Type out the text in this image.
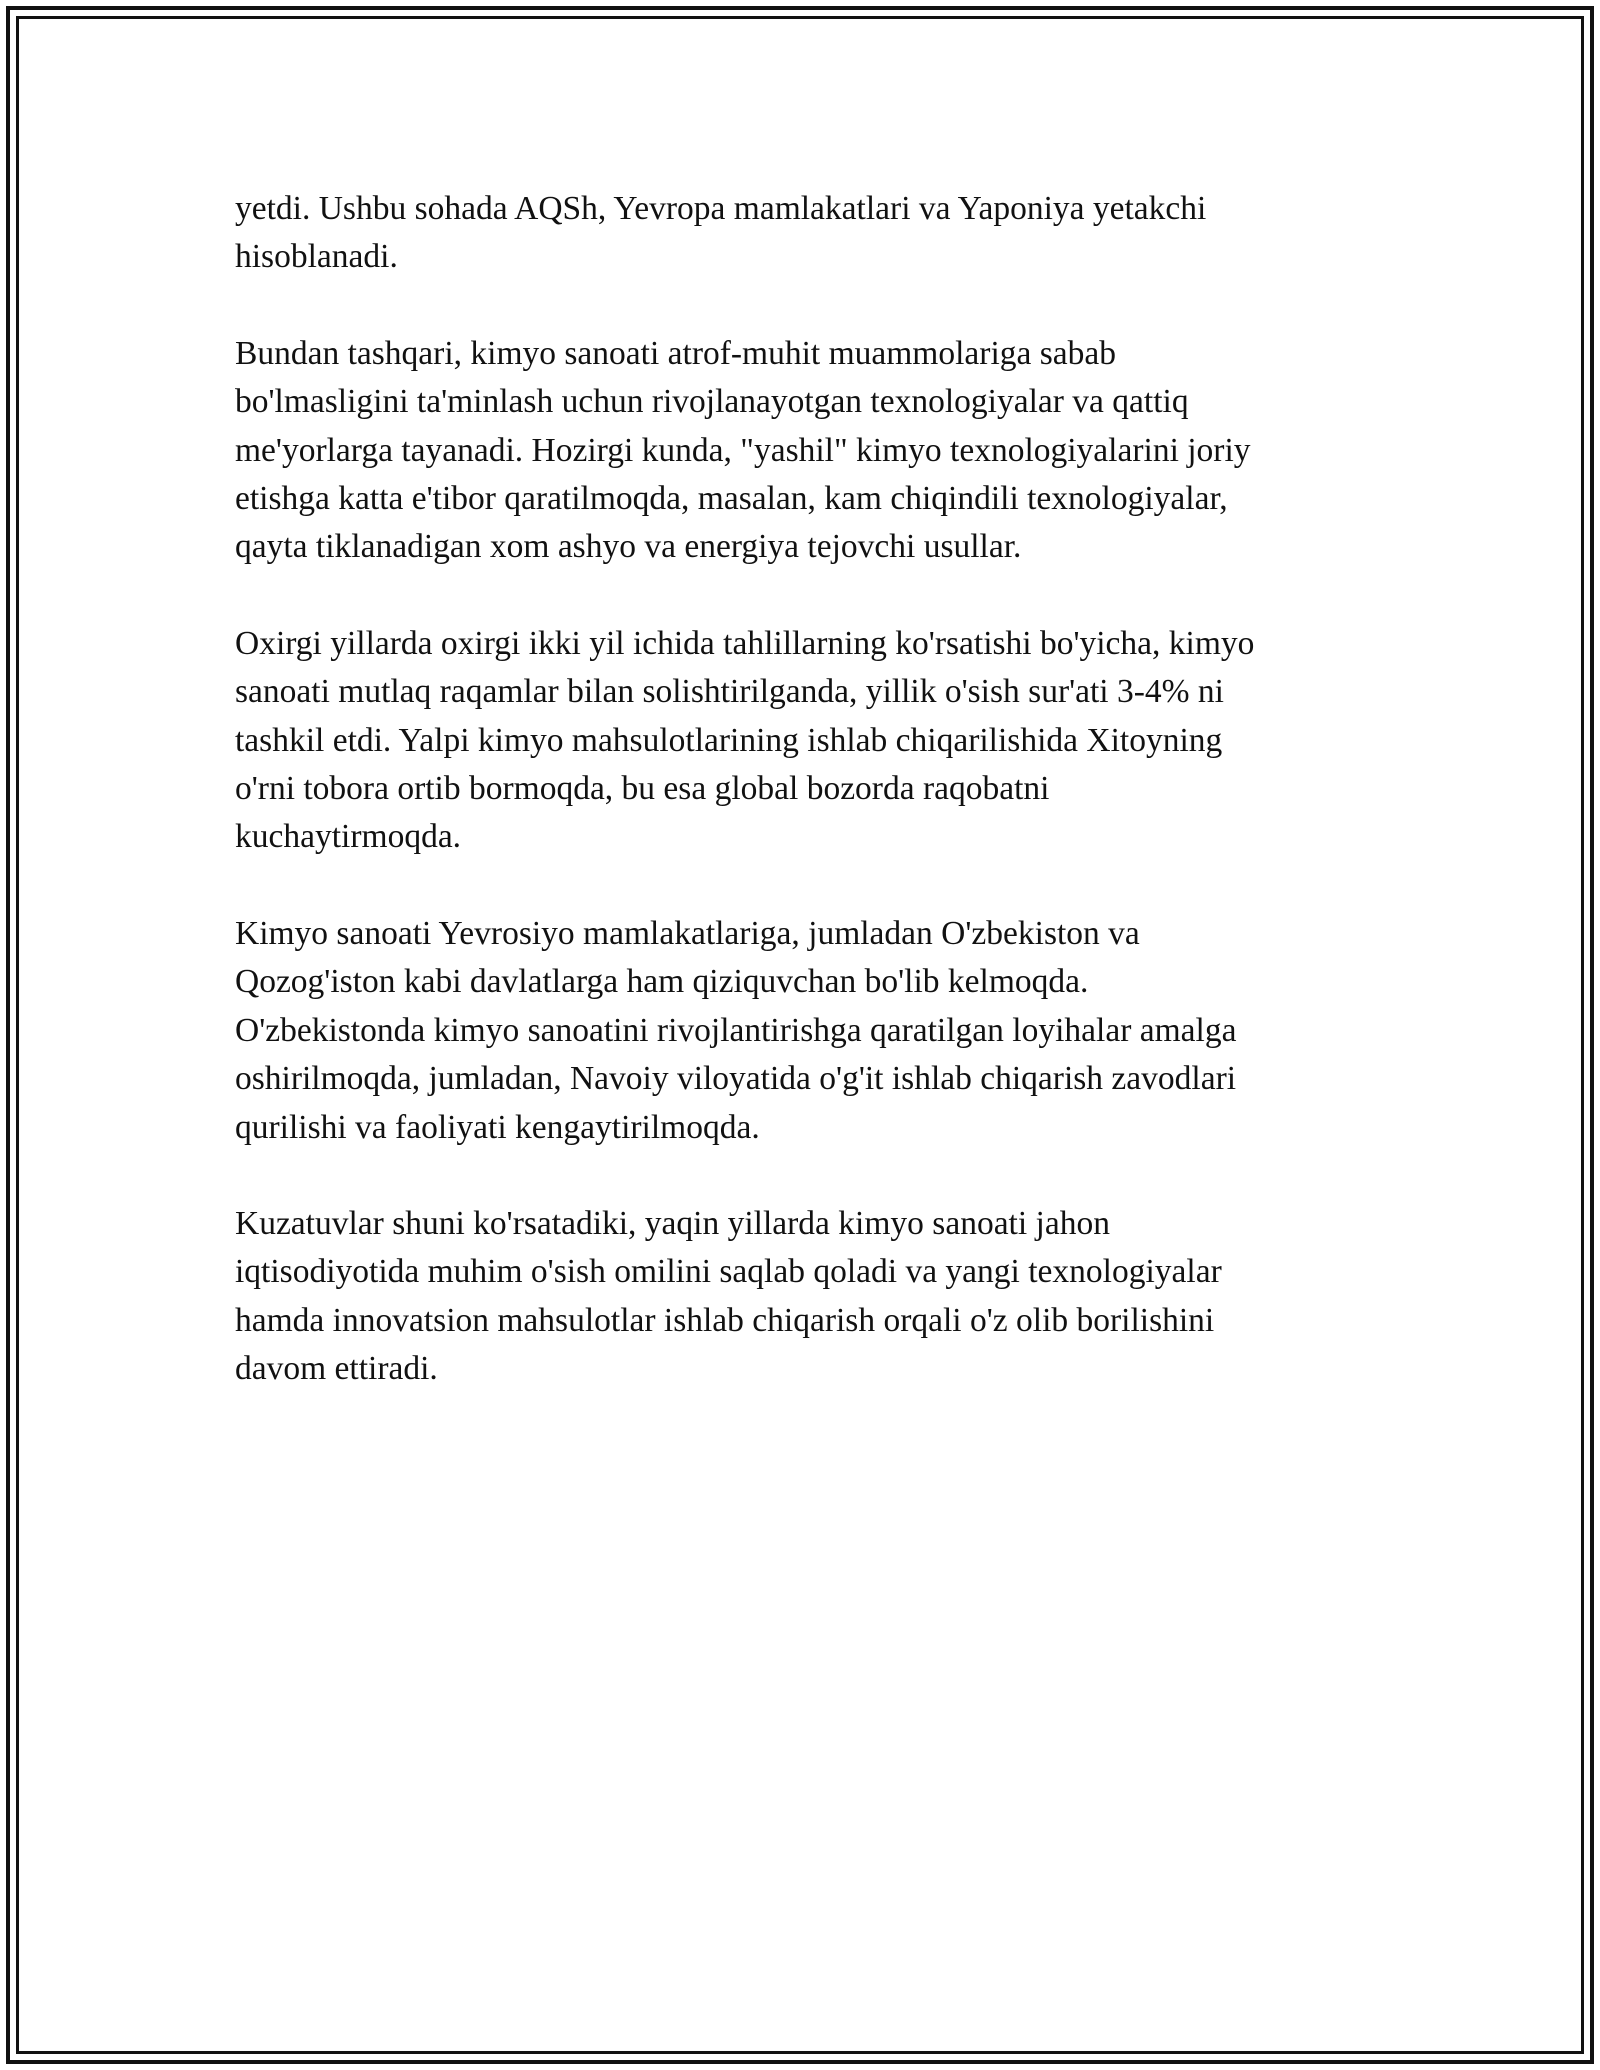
yetdi. Ushbu sohada AQSh, Yevropa mamlakatlari va Yaponiya yetakchi
hisoblanadi.

Bundan tashqari, kimyo sanoati atrof-muhit muammolariga sabab
bo'lmasligini ta'minlash uchun rivojlanayotgan texnologiyalar va qattiq
me'yorlarga tayanadi. Hozirgi kunda, "yashil" kimyo texnologiyalarini joriy
etishga katta e'tibor qaratilmoqda, masalan, kam chiqindili texnologiyalar,
qayta tiklanadigan xom ashyo va energiya tejovchi usullar.

Oxirgi yillarda oxirgi ikki yil ichida tahlillarning ko'rsatishi bo'yicha, kimyo
sanoati mutlaq raqamlar bilan solishtirilganda, yillik o'sish sur'ati 3-4% ni
tashkil etdi. Yalpi kimyo mahsulotlarining ishlab chiqarilishida Xitoyning
o'rni tobora ortib bormoqda, bu esa global bozorda raqobatni
kuchaytirmoqda.

Kimyo sanoati Yevrosiyo mamlakatlariga, jumladan O'zbekiston va
Qozog'iston kabi davlatlarga ham qiziquvchan bo'lib kelmoqda.
O'zbekistonda kimyo sanoatini rivojlantirishga qaratilgan loyihalar amalga
oshirilmoqda, jumladan, Navoiy viloyatida o'g'it ishlab chiqarish zavodlari
qurilishi va faoliyati kengaytirilmoqda.

Kuzatuvlar shuni ko'rsatadiki, yaqin yillarda kimyo sanoati jahon
iqtisodiyotida muhim o'sish omilini saqlab qoladi va yangi texnologiyalar
hamda innovatsion mahsulotlar ishlab chiqarish orqali o'z olib borilishini
davom ettiradi.
